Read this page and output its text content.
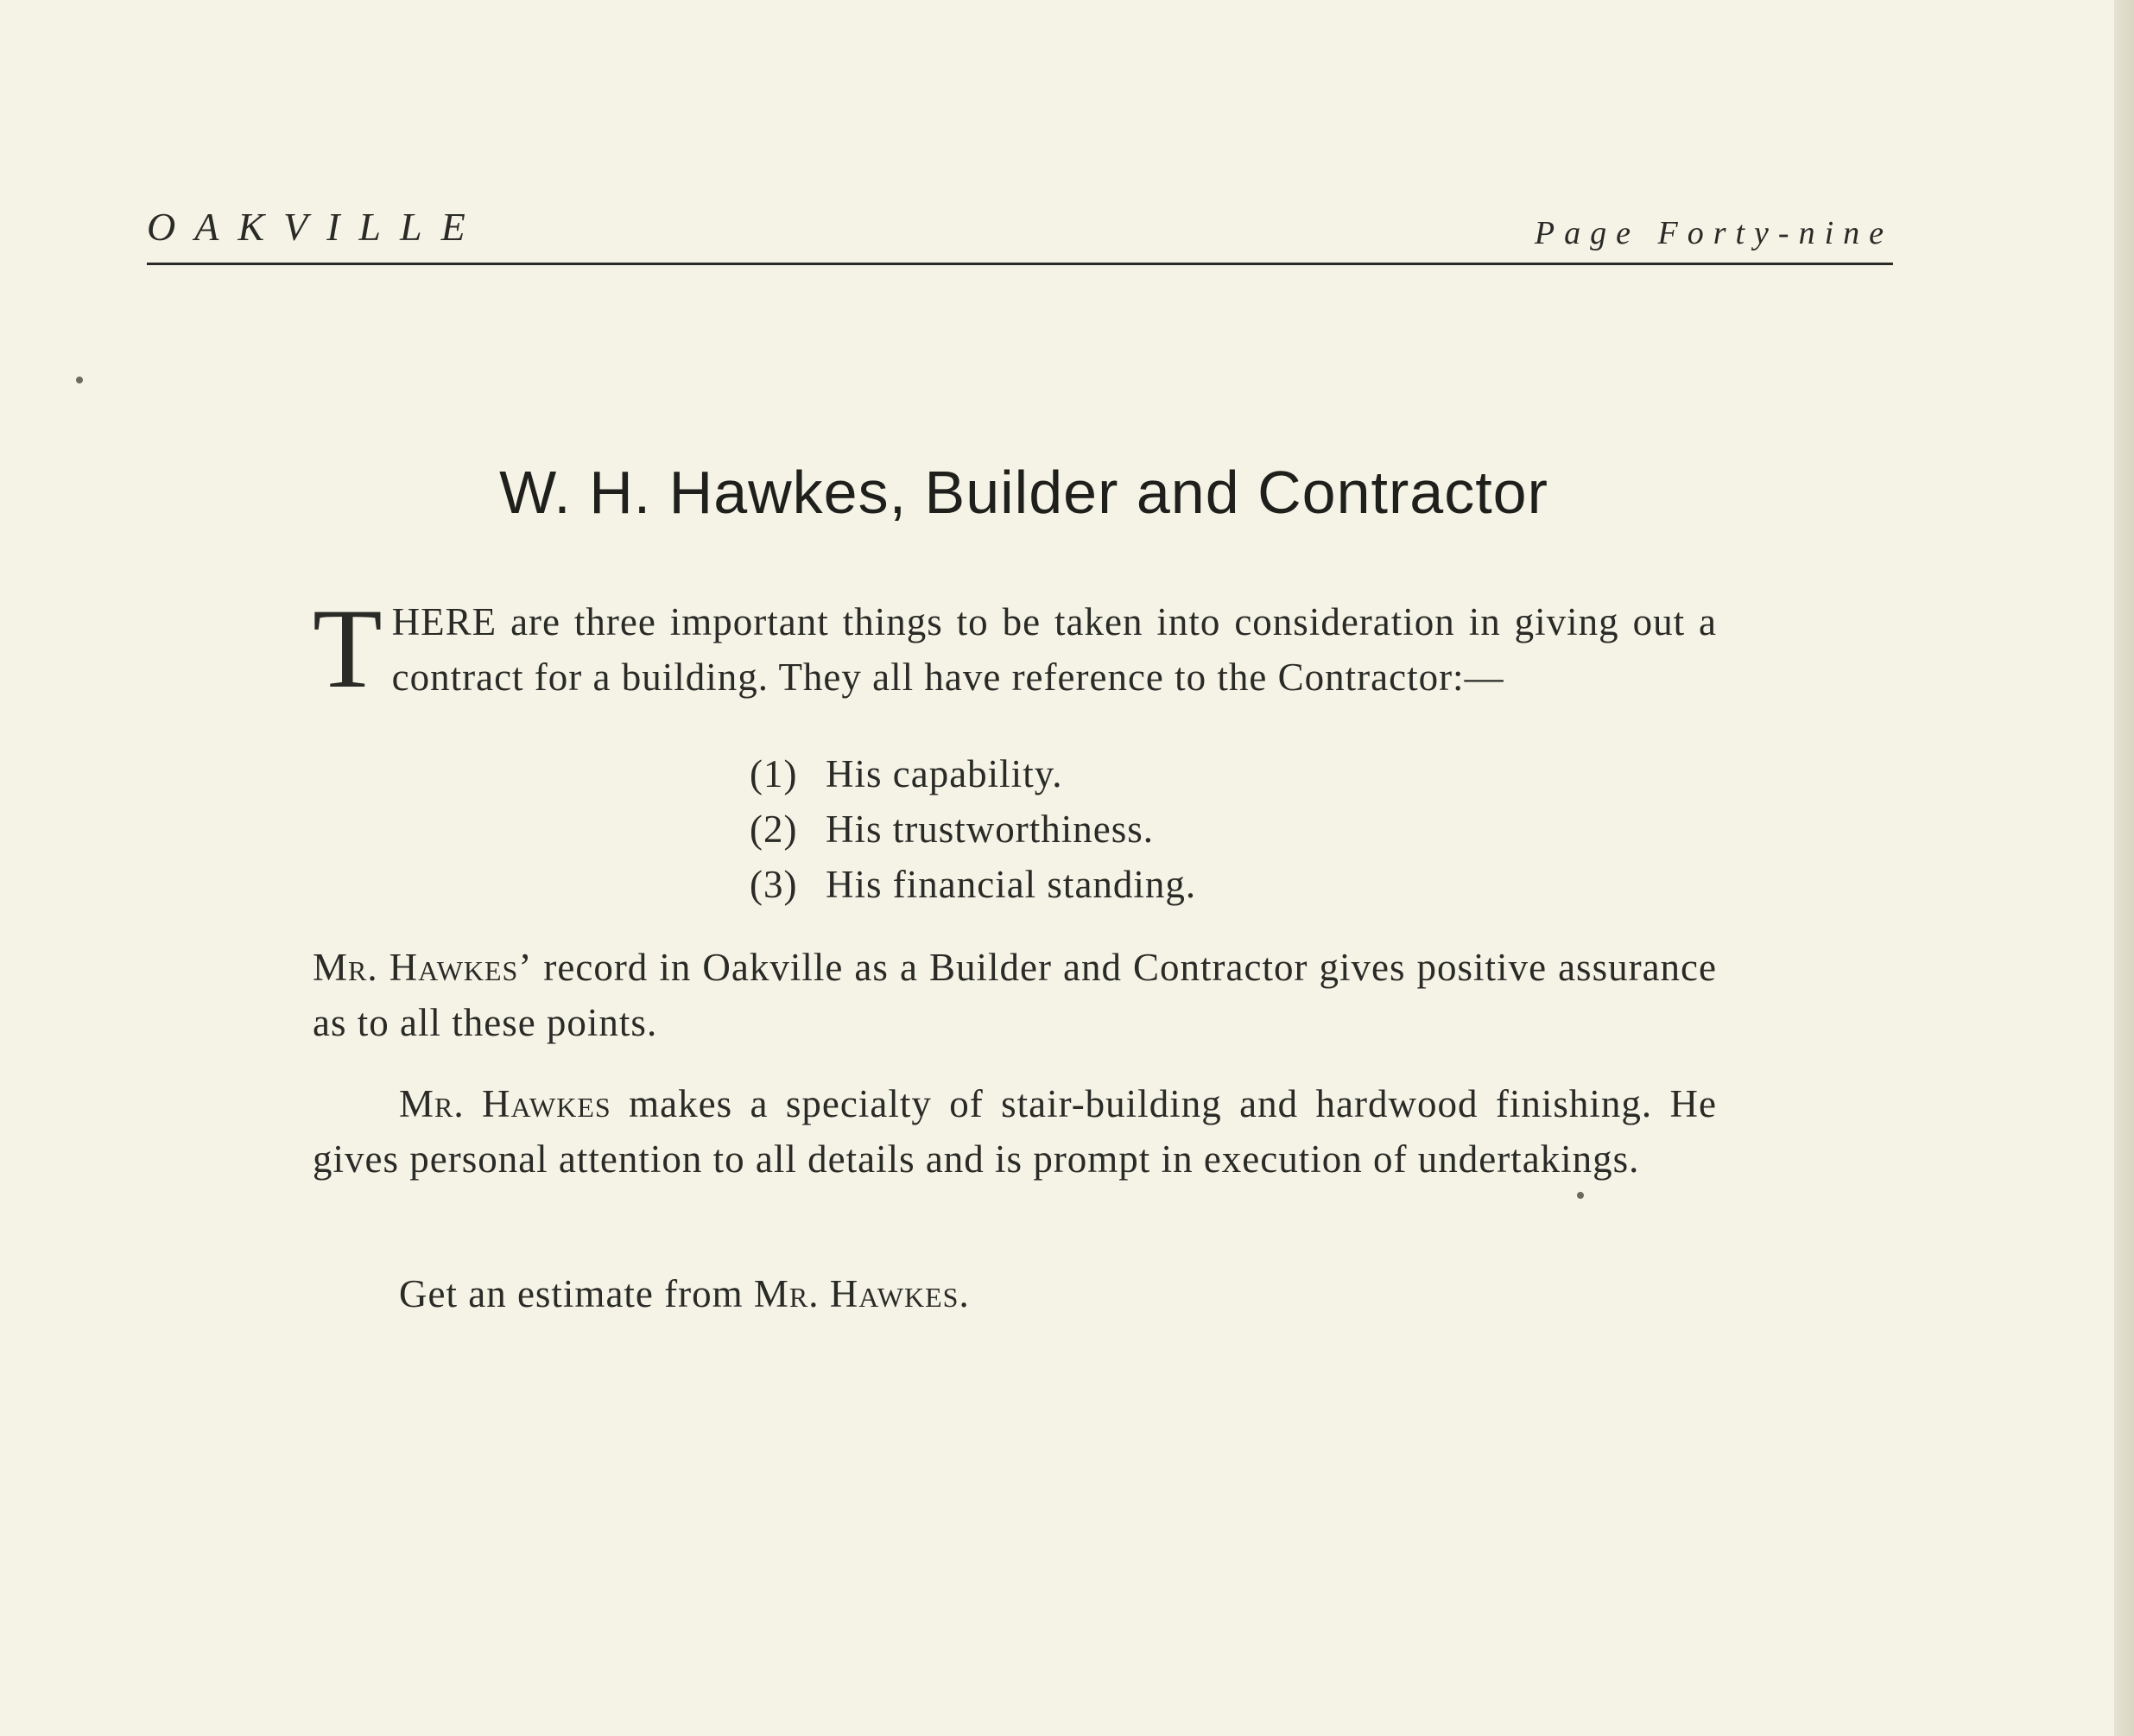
OAKVILLE	Page Forty-nine
W. H. Hawkes, Builder and Contractor
THERE are three important things to be taken into consideration in giving out a contract for a building. They all have reference to the Contractor:—
(1) His capability.
(2) His trustworthiness.
(3) His financial standing.
Mr. Hawkes’ record in Oakville as a Builder and Contractor gives positive assurance as to all these points.
Mr. Hawkes makes a specialty of stair-building and hardwood finishing. He gives personal attention to all details and is prompt in execution of undertakings.
Get an estimate from Mr. Hawkes.
